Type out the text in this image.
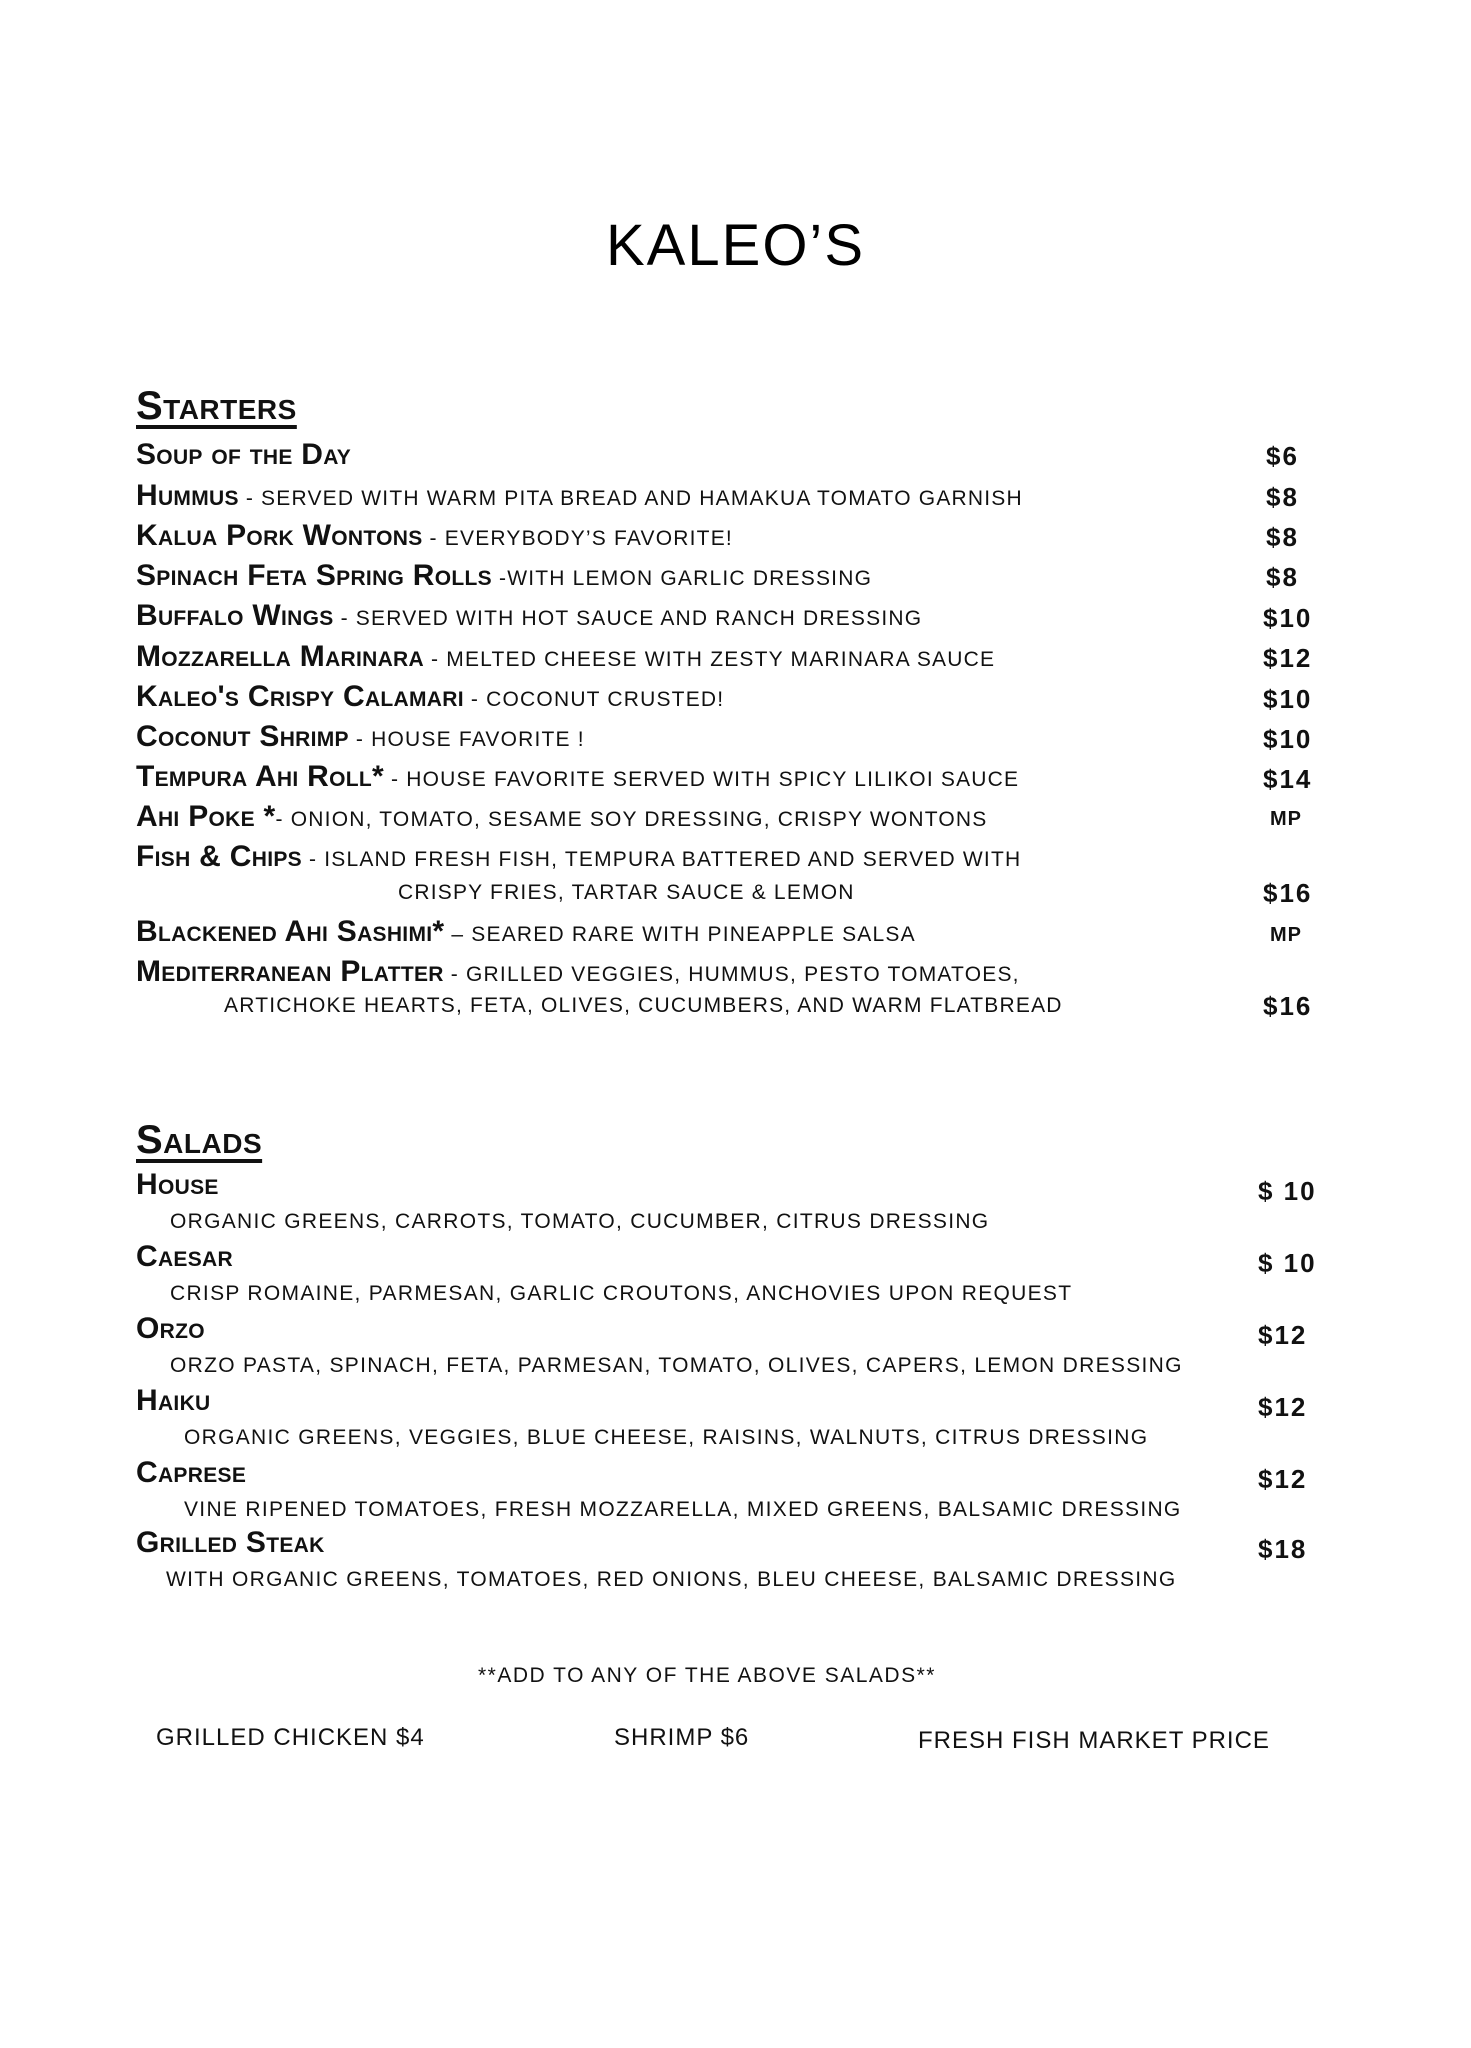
KALEO’S
Starters
Soup of the Day	$6
Hummus - SERVED WITH WARM PITA BREAD AND HAMAKUA TOMATO GARNISH	$8
Kalua Pork Wontons - EVERYBODY’S FAVORITE!	$8
Spinach Feta Spring Rolls -WITH LEMON GARLIC DRESSING	$8
Buffalo Wings - SERVED WITH HOT SAUCE AND RANCH DRESSING	$10
Mozzarella Marinara - MELTED CHEESE WITH ZESTY MARINARA SAUCE	$12
Kaleo's Crispy Calamari - COCONUT CRUSTED!	$10
Coconut Shrimp - HOUSE FAVORITE !	$10
Tempura Ahi Roll* - HOUSE FAVORITE SERVED WITH SPICY LILIKOI SAUCE	$14
Ahi Poke *- ONION, TOMATO, SESAME SOY DRESSING, CRISPY WONTONS	MP
Fish & Chips - ISLAND FRESH FISH, TEMPURA BATTERED AND SERVED WITH
CRISPY FRIES, TARTAR SAUCE & LEMON	$16
Blackened Ahi Sashimi* – SEARED RARE WITH PINEAPPLE SALSA	MP
Mediterranean Platter - GRILLED VEGGIES, HUMMUS, PESTO TOMATOES,
ARTICHOKE HEARTS, FETA, OLIVES, CUCUMBERS, AND WARM FLATBREAD	$16
Salads
House	$ 10
ORGANIC GREENS, CARROTS, TOMATO, CUCUMBER, CITRUS DRESSING
Caesar	$ 10
CRISP ROMAINE, PARMESAN, GARLIC CROUTONS, ANCHOVIES UPON REQUEST
Orzo	$12
ORZO PASTA, SPINACH, FETA, PARMESAN, TOMATO, OLIVES, CAPERS, LEMON DRESSING
Haiku	$12
ORGANIC GREENS, VEGGIES, BLUE CHEESE, RAISINS, WALNUTS, CITRUS DRESSING
Caprese	$12
VINE RIPENED TOMATOES, FRESH MOZZARELLA, MIXED GREENS, BALSAMIC DRESSING
Grilled Steak	$18
WITH ORGANIC GREENS, TOMATOES, RED ONIONS, BLEU CHEESE, BALSAMIC DRESSING
**ADD TO ANY OF THE ABOVE SALADS**
GRILLED CHICKEN $4	SHRIMP $6	FRESH FISH MARKET PRICE
